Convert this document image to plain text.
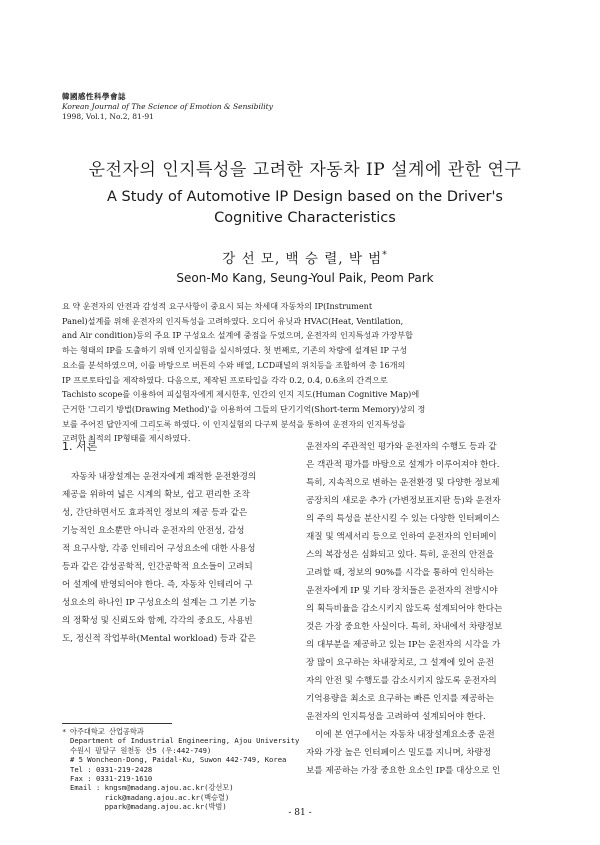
韓國感性科學會誌
Korean Journal of The Science of Emotion & Sensibility
1998, Vol.1, No.2, 81-91
운전자의 인지특성을 고려한 자동차 IP 설계에 관한 연구
A Study of Automotive IP Design based on the Driver's
Cognitive Characteristics
강 선 모, 백 승 렬, 박 범*
Seon-Mo Kang, Seung-Youl Paik, Peom Park
요 약 운전자의 안전과 감성적 요구사항이 중요시 되는 차세대 자동차의 IP(Instrument
Panel)설계를 위해 운전자의 인지특성을 고려하였다. 오디어 유닛과 HVAC(Heat, Ventilation,
and Air condition)등의 주요 IP 구성요소 설계에 중점을 두었으며, 운전자의 인지특성과 가장부합
하는 형태의 IP를 도출하기 위해 인지실험을 실시하였다. 첫 번째로, 기존의 차량에 설계된 IP 구성
요소를 분석하였으며, 이를 바탕으로 버튼의 수와 배열, LCD패널의 위치등을 조합하여 총 16개의
IP 프로토타입을 제작하였다. 다음으로, 제작된 프로타입을 각각 0.2, 0.4, 0.6초의 간격으로
Tachisto scope를 이용하여 피실험자에게 제시한후, 인간의 인지 지도(Human Cognitive Map)에
근거한 '그리기 방법(Drawing Method)'을 이용하여 그들의 단기기억(Short-term Memory)상의 정
보를 주어진 답안지에 그리도록 하였다. 이 인지실험의 다구찌 분석을 통하여 운전자의 인지특성을
고려한 최적의 IP형태를 제시하였다.
· -
1. 서론
자동차 내장설계는 운전자에게 쾌적한 운전환경의
제공을 위하여 넓은 시계의 확보, 쉽고 편리한 조작
성, 간단하면서도 효과적인 정보의 제공 등과 같은
기능적인 요소뿐만 아니라 운전자의 안전성, 감성
적 요구사항, 각종 인테리어 구성요소에 대한 사용성
등과 같은 감성공학적, 인간공학적 요소들이 고려되
어 설계에 반영되어야 한다. 즉, 자동차 인테리어 구
성요소의 하나인 IP 구성요소의 설계는 그 기본 기능
의 정확성 및 신뢰도와 함께, 각각의 중요도, 사용빈
도, 정신적 작업부하(Mental workload) 등과 같은
운전자의 주관적인 평가와 운전자의 수행도 등과 같
은 객관적 평가를 바탕으로 설계가 이루어져야 한다.
특히, 지속적으로 변하는 운전환경 및 다양한 정보제
공장치의 새로운 추가 (가변정보표지판 등)와 운전자
의 주의 특성을 분산시킬 수 있는 다양한 인터페이스
재질 및 액세서리 등으로 인하여 운전자의 인터페이
스의 복잡성은 심화되고 있다. 특히, 운전의 안전을
고려할 때, 정보의 90%를 시각을 통하여 인식하는
운전자에게 IP 및 기타 장치들은 운전자의 전방시야
의 획득비율을 감소시키지 않도록 설계되어야 한다는
것은 가장 중요한 사실이다. 특히, 차내에서 차량정보
의 대부분을 제공하고 있는 IP는 운전자의 시각을 가
장 많이 요구하는 차내장치로, 그 설계에 있어 운전
자의 안전 및 수행도를 감소시키지 않도록 운전자의
기억용량을 최소로 요구하는 빠른 인지를 제공하는
운전자의 인지특성을 고려하여 설계되어야 한다.
이에 본 연구에서는 자동차 내장설계요소중 운전
자와 가장 높은 인터페이스 밀도를 지니며, 차량정
보를 제공하는 가장 중요한 요소인 IP를 대상으로 인
* 아주대학교 산업공학과
Department of Industrial Engineering, Ajou University
수원시 팔달구 원천동 산5 (우:442-749)
# 5 Woncheon-Dong, Paidal-Ku, Suwon 442-749, Korea
Tel : 0331-219-2428
Fax : 0331-219-1610
Email : kngsm@madang.ajou.ac.kr(강선모)
rick@madang.ajou.ac.kr(백승렬)
ppark@madang.ajou.ac.kr(박범)
- 81 -
